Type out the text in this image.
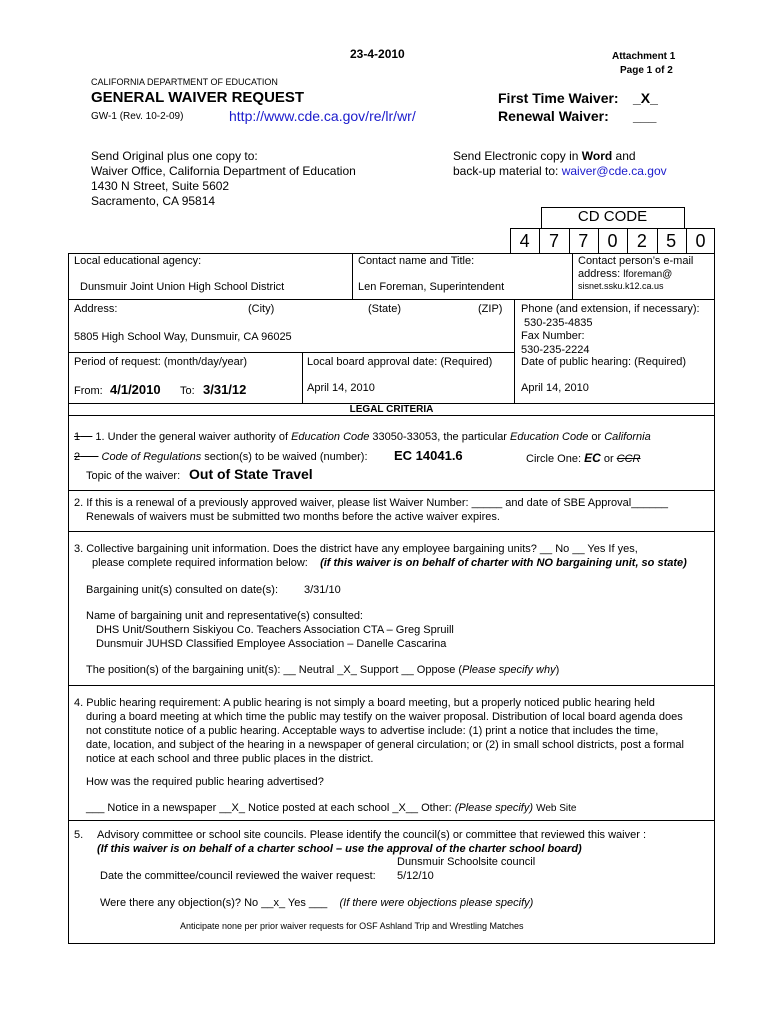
23-4-2010	Attachment 1
Page 1 of 2
CALIFORNIA DEPARTMENT OF EDUCATION
GENERAL WAIVER REQUEST
GW-1 (Rev. 10-2-09)	http://www.cde.ca.gov/re/lr/wr/
First Time Waiver: _X_
Renewal Waiver: ___
Send Original plus one copy to:
Waiver Office, California Department of Education
1430 N Street, Suite 5602
Sacramento, CA 95814
Send Electronic copy in Word and
back-up material to: waiver@cde.ca.gov
CD CODE
4	7	7	0	2	5	0
Local educational agency:
Dunsmuir Joint Union High School District
Contact name and Title:
Len Foreman, Superintendent
Contact person’s e-mail
address: lforeman@
sisnet.ssku.k12.ca.us
Address:	(City)	(State)	(ZIP)
5805 High School Way, Dunsmuir, CA 96025
Phone (and extension, if necessary):
530-235-4835
Fax Number:
530-235-2224
Period of request: (month/day/year)
From: 4/1/2010 To: 3/31/12
Local board approval date: (Required)
April 14, 2010
Date of public hearing: (Required)
April 14, 2010
LEGAL CRITERIA
1 1. Under the general waiver authority of Education Code 33050-33053, the particular Education Code or California
2 Code of Regulations section(s) to be waived (number): EC 14041.6	Circle One: EC or CCR
Topic of the waiver: Out of State Travel
2. If this is a renewal of a previously approved waiver, please list Waiver Number: _____ and date of SBE Approval______
Renewals of waivers must be submitted two months before the active waiver expires.
3. Collective bargaining unit information. Does the district have any employee bargaining units? __ No __ Yes If yes,
please complete required information below: (if this waiver is on behalf of charter with NO bargaining unit, so state)
Bargaining unit(s) consulted on date(s): 3/31/10
Name of bargaining unit and representative(s) consulted:
DHS Unit/Southern Siskiyou Co. Teachers Association CTA – Greg Spruill
Dunsmuir JUHSD Classified Employee Association – Danelle Cascarina
The position(s) of the bargaining unit(s): __ Neutral _X_ Support __ Oppose (Please specify why)
4. Public hearing requirement: A public hearing is not simply a board meeting, but a properly noticed public hearing held
during a board meeting at which time the public may testify on the waiver proposal. Distribution of local board agenda does
not constitute notice of a public hearing. Acceptable ways to advertise include: (1) print a notice that includes the time,
date, location, and subject of the hearing in a newspaper of general circulation; or (2) in small school districts, post a formal
notice at each school and three public places in the district.
How was the required public hearing advertised?
___ Notice in a newspaper __X_ Notice posted at each school _X__ Other: (Please specify) Web Site
5. Advisory committee or school site councils. Please identify the council(s) or committee that reviewed this waiver :
(If this waiver is on behalf of a charter school – use the approval of the charter school board)
Dunsmuir Schoolsite council
Date the committee/council reviewed the waiver request: 5/12/10
Were there any objection(s)? No __x_ Yes ___ (If there were objections please specify)
Anticipate none per prior waiver requests for OSF Ashland Trip and Wrestling Matches
